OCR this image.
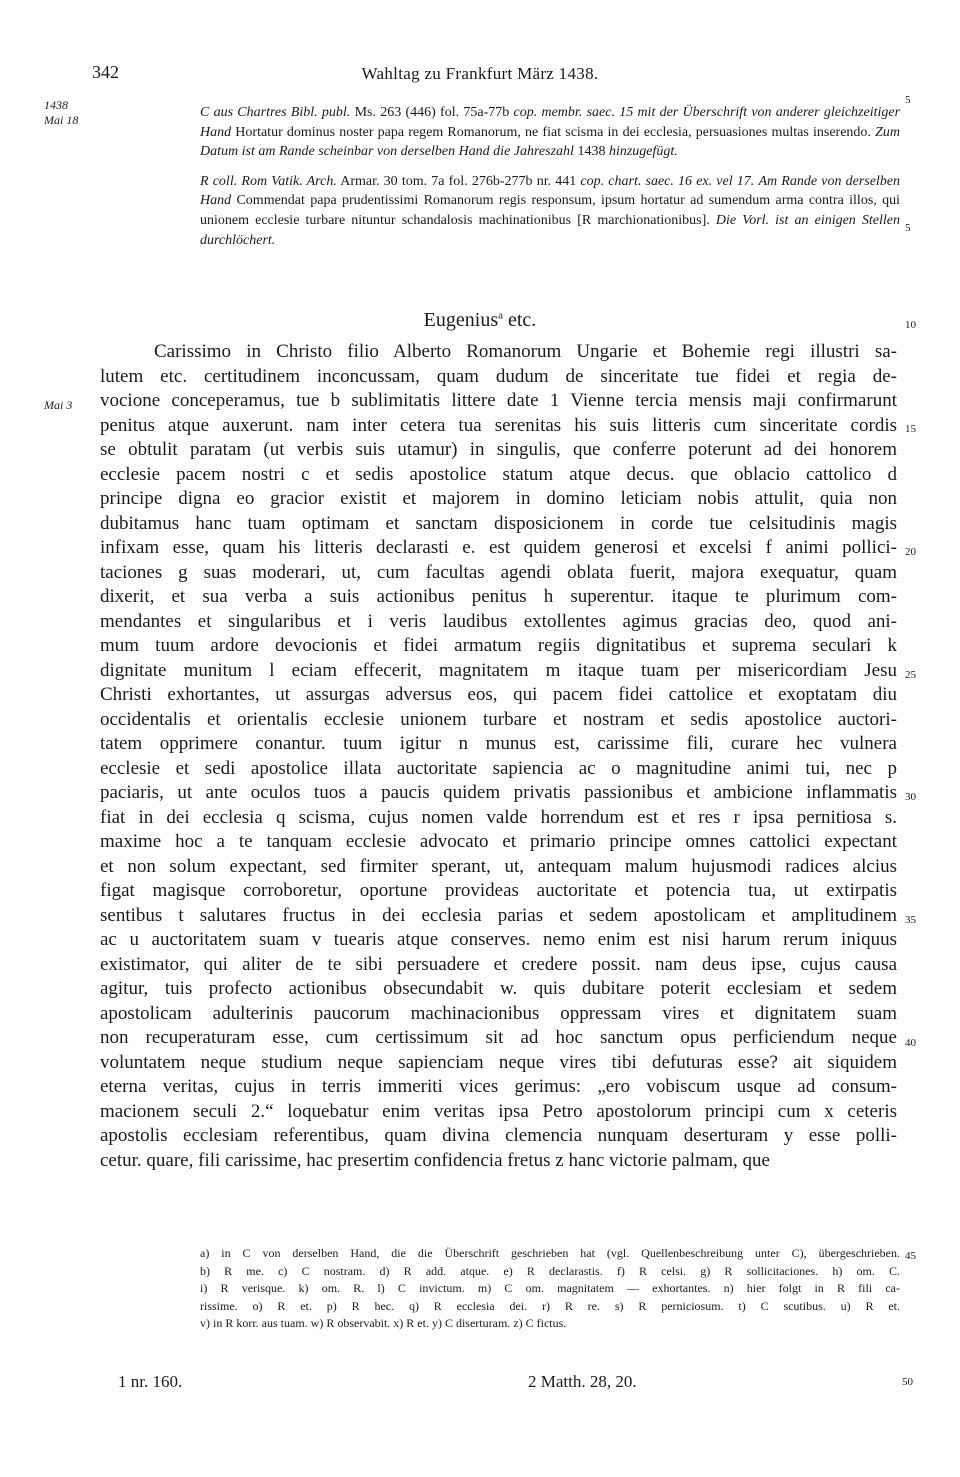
342	Wahltag zu Frankfurt März 1438.
1438
Mai 18
Mai 3

C aus Chartres Bibl. publ. Ms. 263 (446) fol. 75a-77b cop. membr. saec. 15 mit der Überschrift von anderer gleichzeitiger Hand Hortatur dominus noster papa regem Romanorum, ne fiat scisma in dei ecclesia, persuasiones multas inserendo. Zum Datum ist am Rande scheinbar von derselben Hand die Jahreszahl 1438 hinzugefügt.

R coll. Rom Vatik. Arch. Armar. 30 tom. 7a fol. 276b-277b nr. 441 cop. chart. saec. 16 ex. vel 17. Am Rande von derselben Hand Commendat papa prudentissimi Romanorum regis responsum, ipsum hortatur ad sumendum arma contra illos, qui unionem ecclesie turbare nituntur schandalosis machinationibus [R marchionationibus]. Die Vorl. ist an einigen Stellen durchlöchert.

Eugenius$^a$ etc.
Carissimo in Christo filio Alberto Romanorum Ungarie et Bohemie regi illustri sa-
lutem etc. certitudinem inconcussam, quam dudum de sinceritate tue fidei et regia de-
vocione conceperamus, tue b sublimitatis littere date 1 Vienne tercia mensis maji confirmarunt
penitus atque auxerunt. nam inter cetera tua serenitas his suis litteris cum sinceritate cordis
se obtulit paratam (ut verbis suis utamur) in singulis, que conferre poterunt ad dei honorem
ecclesie pacem nostri c et sedis apostolice statum atque decus. que oblacio cattolico d
principe digna eo gracior existit et majorem in domino leticiam nobis attulit, quia non
dubitamus hanc tuam optimam et sanctam disposicionem in corde tue celsitudinis magis
infixam esse, quam his litteris declarasti e. est quidem generosi et excelsi f animi pollici-
taciones g suas moderari, ut, cum facultas agendi oblata fuerit, majora exequatur, quam
dixerit, et sua verba a suis actionibus penitus h superentur. itaque te plurimum com-
mendantes et singularibus et i veris laudibus extollentes agimus gracias deo, quod ani-
mum tuum ardore devocionis et fidei armatum regiis dignitatibus et suprema seculari k
dignitate munitum l eciam effecerit, magnitatem m itaque tuam per misericordiam Jesu
Christi exhortantes, ut assurgas adversus eos, qui pacem fidei cattolice et exoptatam diu
occidentalis et orientalis ecclesie unionem turbare et nostram et sedis apostolice auctori-
tatem opprimere conantur. tuum igitur n munus est, carissime fili, curare hec vulnera
ecclesie et sedi apostolice illata auctoritate sapiencia ac o magnitudine animi tui, nec p
paciaris, ut ante oculos tuos a paucis quidem privatis passionibus et ambicione inflammatis
fiat in dei ecclesia q scisma, cujus nomen valde horrendum est et res r ipsa pernitiosa s.
maxime hoc a te tanquam ecclesie advocato et primario principe omnes cattolici expectant
et non solum expectant, sed firmiter sperant, ut, antequam malum hujusmodi radices alcius
figat magisque corroboretur, oportune provideas auctoritate et potencia tua, ut extirpatis
sentibus t salutares fructus in dei ecclesia parias et sedem apostolicam et amplitudinem
ac u auctoritatem suam v tuearis atque conserves. nemo enim est nisi harum rerum iniquus
existimator, qui aliter de te sibi persuadere et credere possit. nam deus ipse, cujus causa
agitur, tuis profecto actionibus obsecundabit w. quis dubitare poterit ecclesiam et sedem
apostolicam adulterinis paucorum machinacionibus oppressam vires et dignitatem suam
non recuperaturam esse, cum certissimum sit ad hoc sanctum opus perficiendum neque
voluntatem neque studium neque sapienciam neque vires tibi defuturas esse? ait siquidem
eterna veritas, cujus in terris immeriti vices gerimus: „ero vobiscum usque ad consum-
macionem seculi 2.“ loquebatur enim veritas ipsa Petro apostolorum principi cum x ceteris
apostolis ecclesiam referentibus, quam divina clemencia nunquam deserturam y esse polli-
cetur. quare, fili carissime, hac presertim confidencia fretus z hanc victorie palmam, que
5
5
10
15
20
25
30
35
40
45
a) in C von derselben Hand, die die Überschrift geschrieben hat (vgl. Quellenbeschreibung unter C), übergeschrieben.
b) R me. c) C nostram. d) R add. atque. e) R declarastis. f) R celsi. g) R sollicitaciones. h) om. C.
i) R verisque. k) om. R. l) C invictum. m) C om. magnitatem — exhortantes. n) hier folgt in R fili ca-
rissime. o) R et. p) R hec. q) R ecclesia dei. r) R re. s) R perniciosum. t) C scutibus. u) R et.
v) in R korr. aus tuam. w) R observabit. x) R et. y) C diserturam. z) C fictus.
1 nr. 160.	2 Matth. 28, 20.	50
